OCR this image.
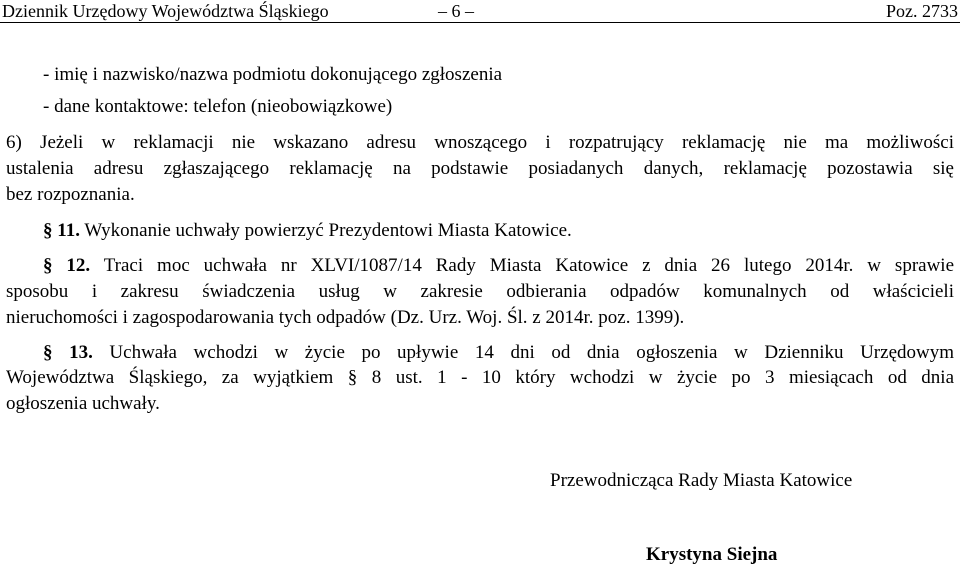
Dziennik Urzędowy Województwa Śląskiego	– 6 –	Poz. 2733
- imię i nazwisko/nazwa podmiotu dokonującego zgłoszenia
- dane kontaktowe: telefon (nieobowiązkowe)
6) Jeżeli w reklamacji nie wskazano adresu wnoszącego i rozpatrujący reklamację nie ma możliwości
ustalenia adresu zgłaszającego reklamację na podstawie posiadanych danych, reklamację pozostawia się
bez rozpoznania.
§ 11. Wykonanie uchwały powierzyć Prezydentowi Miasta Katowice.
§ 12. Traci moc uchwała nr XLVI/1087/14 Rady Miasta Katowice z dnia 26 lutego 2014r. w sprawie
sposobu i zakresu świadczenia usług w zakresie odbierania odpadów komunalnych od właścicieli
nieruchomości i zagospodarowania tych odpadów (Dz. Urz. Woj. Śl. z 2014r. poz. 1399).
§ 13. Uchwała wchodzi w życie po upływie 14 dni od dnia ogłoszenia w Dzienniku Urzędowym
Województwa Śląskiego, za wyjątkiem § 8 ust. 1 - 10 który wchodzi w życie po 3 miesiącach od dnia
ogłoszenia uchwały.
Przewodnicząca Rady Miasta Katowice
Krystyna Siejna
